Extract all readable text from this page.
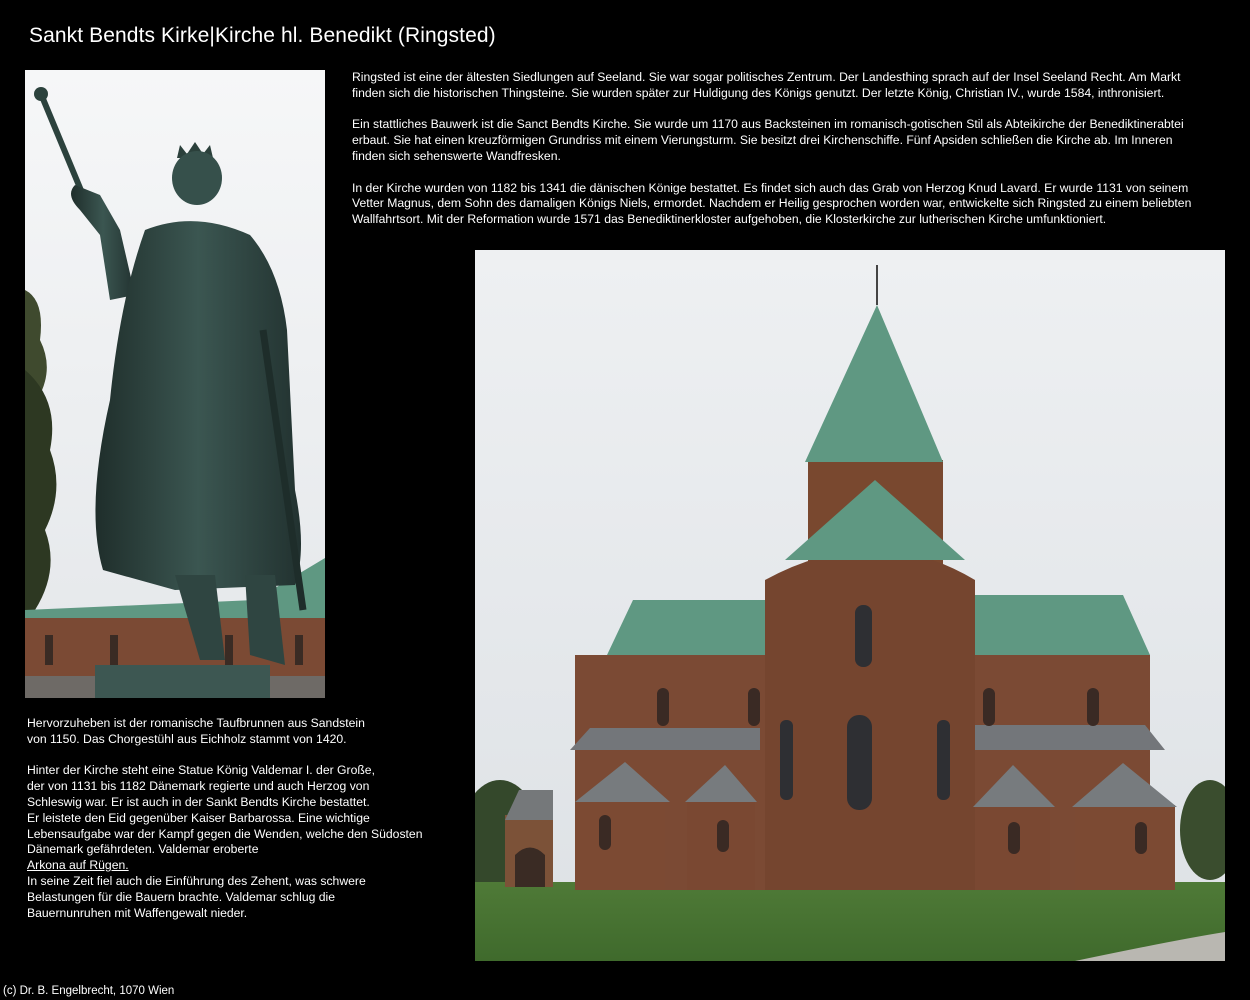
Sankt Bendts Kirke|Kirche hl. Benedikt (Ringsted)

Ringsted ist eine der ältesten Siedlungen auf Seeland. Sie war sogar politisches Zentrum. Der Landesthing sprach auf der Insel Seeland Recht. Am Markt finden sich die historischen Thingsteine. Sie wurden später zur Huldigung des Königs genutzt. Der letzte König, Christian IV., wurde 1584, inthronisiert.

Ein stattliches Bauwerk ist die Sanct Bendts Kirche. Sie wurde um 1170 aus Backsteinen im romanisch-gotischen Stil als Abteikirche der Benediktinerabtei erbaut. Sie hat einen kreuzförmigen Grundriss mit einem Vierungsturm. Sie besitzt drei Kirchenschiffe. Fünf Apsiden schließen die Kirche ab. Im Inneren finden sich sehenswerte Wandfresken.

In der Kirche wurden von 1182 bis 1341 die dänischen Könige bestattet. Es findet sich auch das Grab von Herzog Knud Lavard. Er wurde 1131 von seinem Vetter Magnus, dem Sohn des damaligen Königs Niels, ermordet. Nachdem er Heilig gesprochen worden war, entwickelte sich Ringsted zu einem beliebten Wallfahrtsort. Mit der Reformation wurde 1571 das Benediktinerkloster aufgehoben, die Klosterkirche zur lutherischen Kirche umfunktioniert.

Hervorzuheben ist der romanische Taufbrunnen aus Sandstein
von 1150. Das Chorgestühl aus Eichholz stammt von 1420.

Hinter der Kirche steht eine Statue König Valdemar I. der Große,
der von 1131 bis 1182 Dänemark regierte und auch Herzog von
Schleswig war. Er ist auch in der Sankt Bendts Kirche bestattet.
Er leistete den Eid gegenüber Kaiser Barbarossa. Eine wichtige
Lebensaufgabe war der Kampf gegen die Wenden, welche den Südosten
Dänemark gefährdeten. Valdemar eroberte
Arkona auf Rügen.
In seine Zeit fiel auch die Einführung des Zehent, was schwere
Belastungen für die Bauern brachte. Valdemar schlug die
Bauernunruhen mit Waffengewalt nieder.

(c) Dr. B. Engelbrecht, 1070 Wien
